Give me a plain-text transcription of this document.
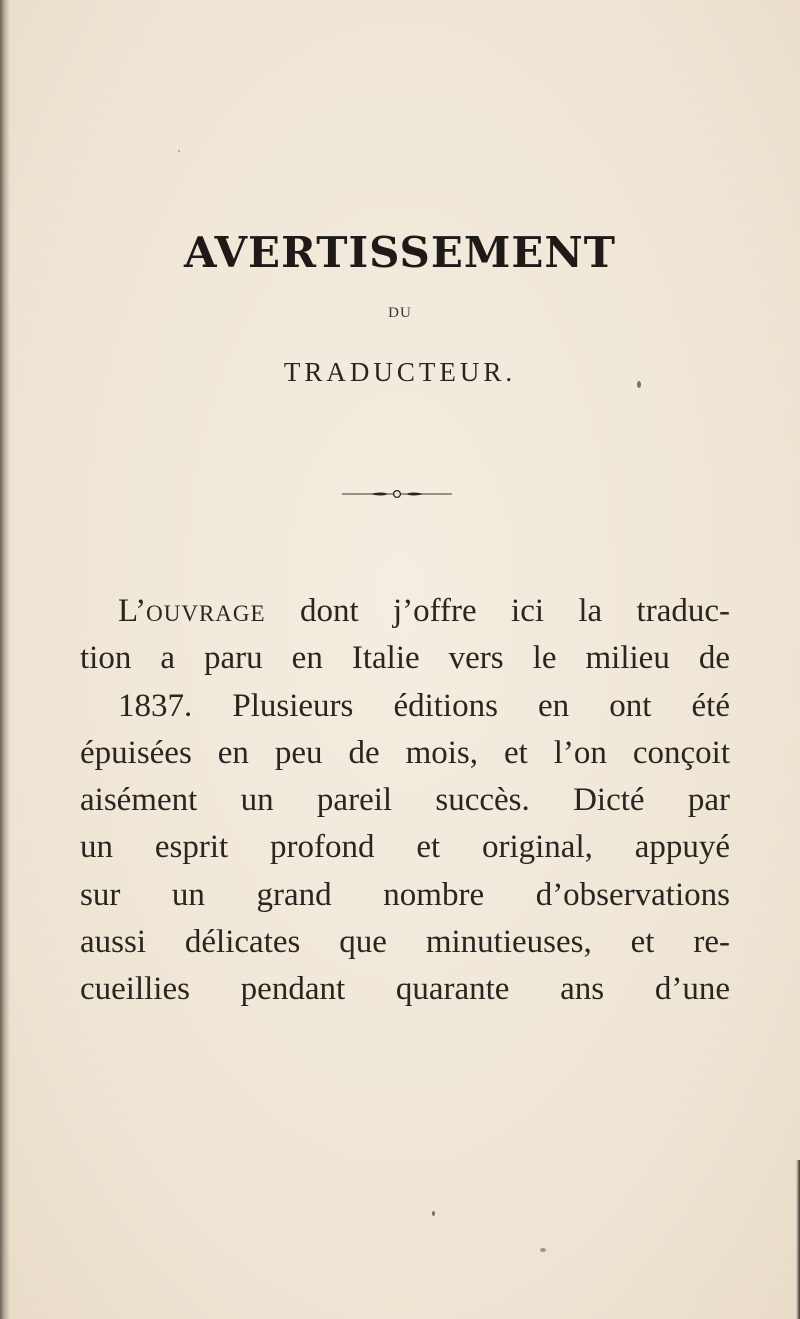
AVERTISSEMENT
DU
TRADUCTEUR.

L’ouvrage dont j’offre ici la traduc-
tion a paru en Italie vers le milieu de
1837. Plusieurs éditions en ont été
épuisées en peu de mois, et l’on conçoit
aisément un pareil succès. Dicté par
un esprit profond et original, appuyé
sur un grand nombre d’observations
aussi délicates que minutieuses, et re-
cueillies pendant quarante ans d’une
